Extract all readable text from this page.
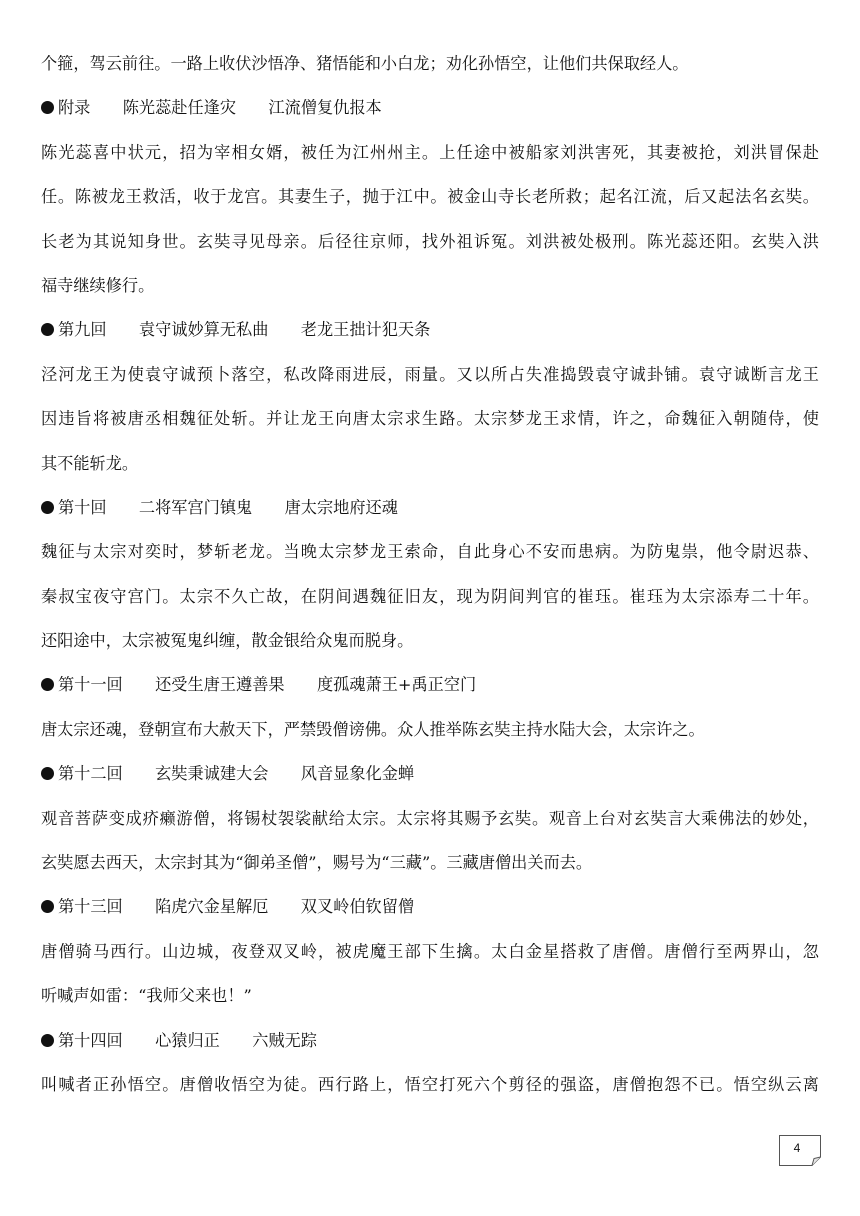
个箍，驾云前往。一路上收伏沙悟净、猪悟能和小白龙；劝化孙悟空，让他们共保取经人。
附录　　陈光蕊赴任逢灾　　江流僧复仇报本
陈光蕊喜中状元，招为宰相女婿，被任为江州州主。上任途中被船家刘洪害死，其妻被抢，刘洪冒保赴
任。陈被龙王救活，收于龙宫。其妻生子，抛于江中。被金山寺长老所救；起名江流，后又起法名玄奘。
长老为其说知身世。玄奘寻见母亲。后径往京师，找外祖诉冤。刘洪被处极刑。陈光蕊还阳。玄奘入洪
福寺继续修行。
第九回　　袁守诚妙算无私曲　　老龙王拙计犯天条
泾河龙王为使袁守诚预卜落空，私改降雨进辰，雨量。又以所占失准捣毁袁守诚卦铺。袁守诚断言龙王
因违旨将被唐丞相魏征处斩。并让龙王向唐太宗求生路。太宗梦龙王求情，许之，命魏征入朝随侍，使
其不能斩龙。
第十回　　二将军宫门镇鬼　　唐太宗地府还魂
魏征与太宗对奕时，梦斩老龙。当晚太宗梦龙王索命，自此身心不安而患病。为防鬼祟，他令尉迟恭、
秦叔宝夜守宫门。太宗不久亡故，在阴间遇魏征旧友，现为阴间判官的崔珏。崔珏为太宗添寿二十年。
还阳途中，太宗被冤鬼纠缠，散金银给众鬼而脱身。
第十一回　　还受生唐王遵善果　　度孤魂萧王+禹正空门
唐太宗还魂，登朝宣布大赦天下，严禁毁僧谤佛。众人推举陈玄奘主持水陆大会，太宗许之。
第十二回　　玄奘秉诚建大会　　风音显象化金蝉
观音菩萨变成疥癞游僧，将锡杖袈裟献给太宗。太宗将其赐予玄奘。观音上台对玄奘言大乘佛法的妙处，
玄奘愿去西天，太宗封其为“御弟圣僧”，赐号为“三藏”。三藏唐僧出关而去。
第十三回　　陷虎穴金星解厄　　双叉岭伯钦留僧
唐僧骑马西行。山边城，夜登双叉岭，被虎魔王部下生擒。太白金星搭救了唐僧。唐僧行至两界山，忽
听喊声如雷：“我师父来也！”
第十四回　　心猿归正　　六贼无踪
叫喊者正孙悟空。唐僧收悟空为徒。西行路上，悟空打死六个剪径的强盗，唐僧抱怨不已。悟空纵云离
4
